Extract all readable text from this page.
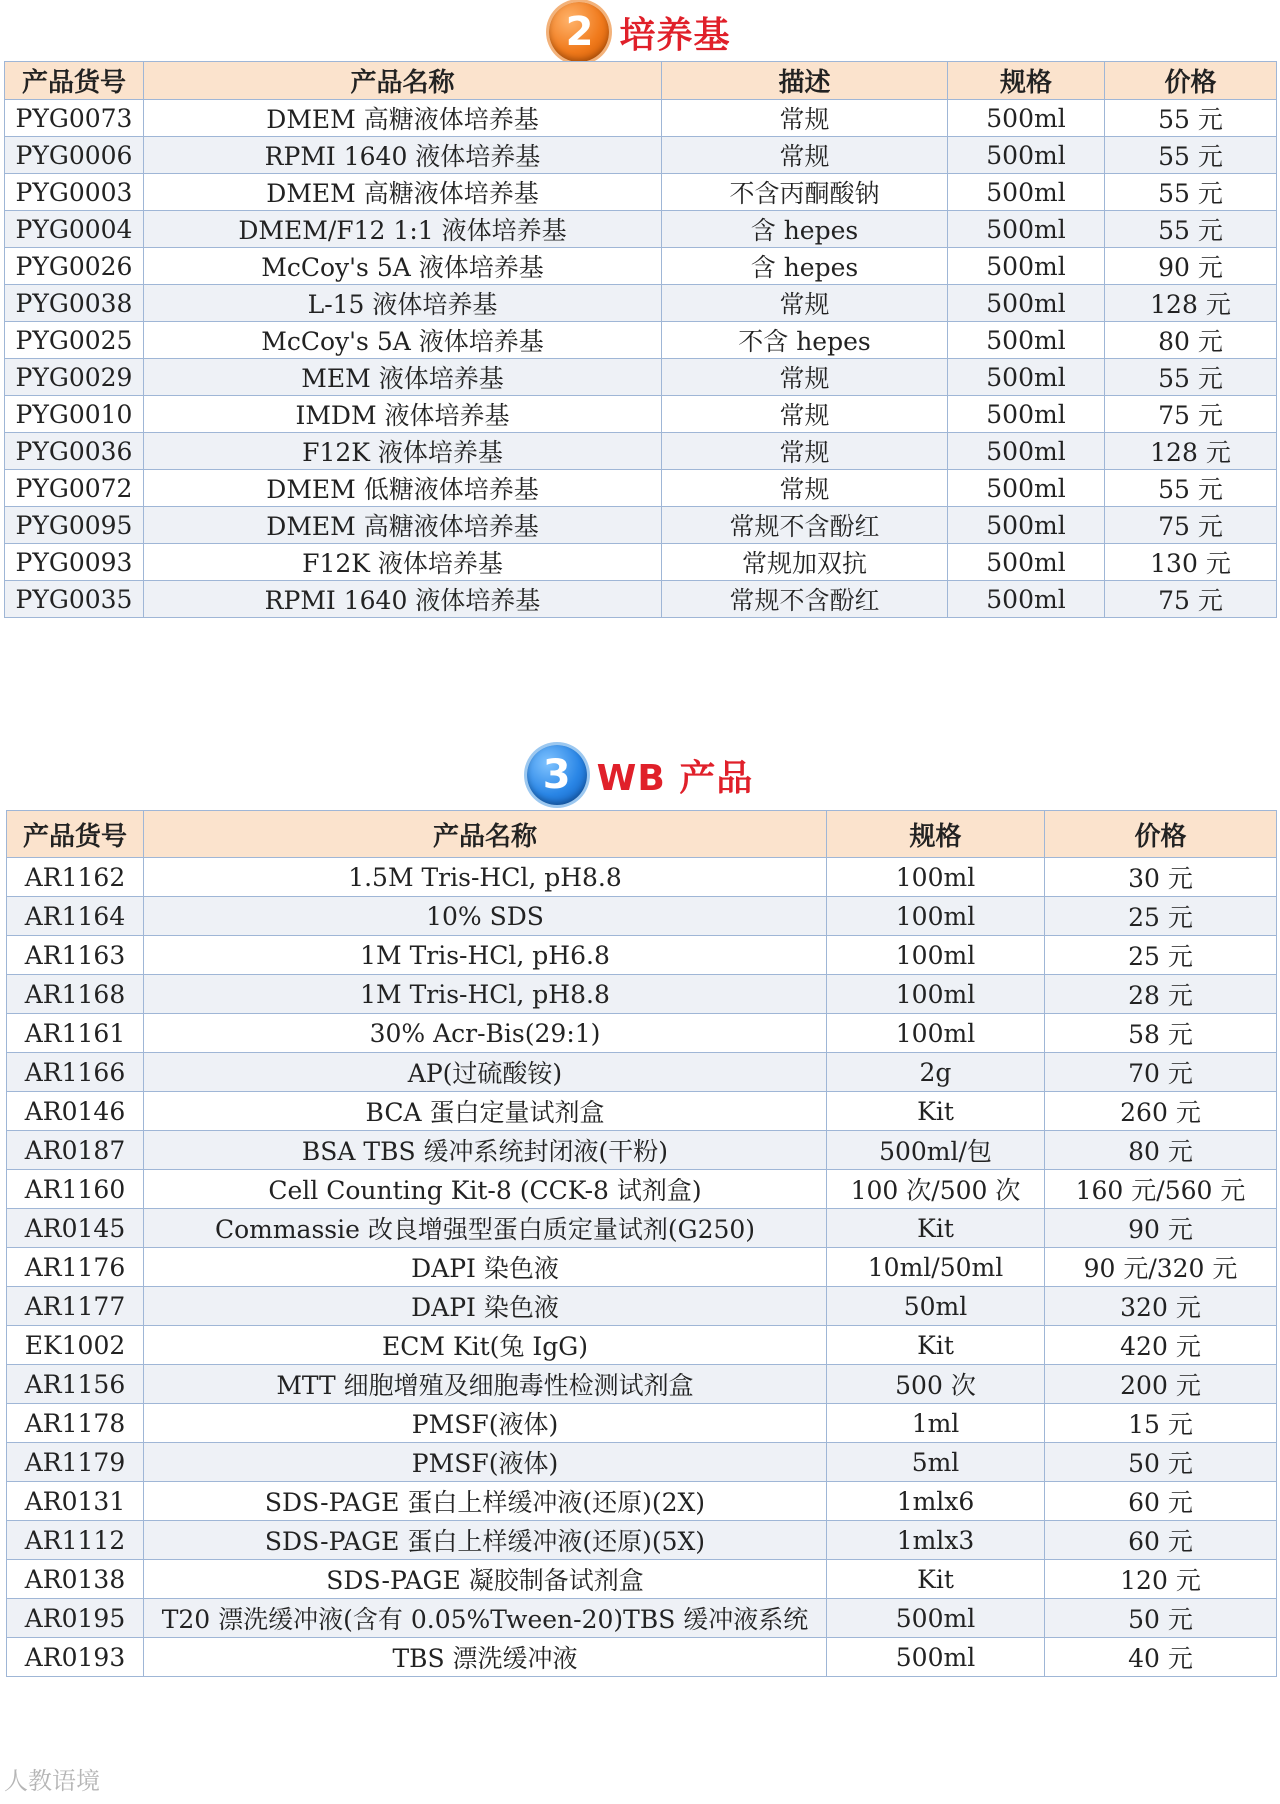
2 培养基
产品货号	产品名称	描述	规格	价格
PYG0073	DMEM 高糖液体培养基	常规	500ml	55 元
PYG0006	RPMI 1640 液体培养基	常规	500ml	55 元
PYG0003	DMEM 高糖液体培养基	不含丙酮酸钠	500ml	55 元
PYG0004	DMEM/F12 1:1 液体培养基	含 hepes	500ml	55 元
PYG0026	McCoy's 5A 液体培养基	含 hepes	500ml	90 元
PYG0038	L-15 液体培养基	常规	500ml	128 元
PYG0025	McCoy's 5A 液体培养基	不含 hepes	500ml	80 元
PYG0029	MEM 液体培养基	常规	500ml	55 元
PYG0010	IMDM 液体培养基	常规	500ml	75 元
PYG0036	F12K 液体培养基	常规	500ml	128 元
PYG0072	DMEM 低糖液体培养基	常规	500ml	55 元
PYG0095	DMEM 高糖液体培养基	常规不含酚红	500ml	75 元
PYG0093	F12K 液体培养基	常规加双抗	500ml	130 元
PYG0035	RPMI 1640 液体培养基	常规不含酚红	500ml	75 元
3 WB 产品
产品货号	产品名称	规格	价格
AR1162	1.5M Tris-HCl, pH8.8	100ml	30 元
AR1164	10% SDS	100ml	25 元
AR1163	1M Tris-HCl, pH6.8	100ml	25 元
AR1168	1M Tris-HCl, pH8.8	100ml	28 元
AR1161	30% Acr-Bis(29:1)	100ml	58 元
AR1166	AP(过硫酸铵)	2g	70 元
AR0146	BCA 蛋白定量试剂盒	Kit	260 元
AR0187	BSA TBS 缓冲系统封闭液(干粉)	500ml/包	80 元
AR1160	Cell Counting Kit-8 (CCK-8 试剂盒)	100 次/500 次	160 元/560 元
AR0145	Commassie 改良增强型蛋白质定量试剂(G250)	Kit	90 元
AR1176	DAPI 染色液	10ml/50ml	90 元/320 元
AR1177	DAPI 染色液	50ml	320 元
EK1002	ECM Kit(兔 IgG)	Kit	420 元
AR1156	MTT 细胞增殖及细胞毒性检测试剂盒	500 次	200 元
AR1178	PMSF(液体)	1ml	15 元
AR1179	PMSF(液体)	5ml	50 元
AR0131	SDS-PAGE 蛋白上样缓冲液(还原)(2X)	1mlx6	60 元
AR1112	SDS-PAGE 蛋白上样缓冲液(还原)(5X)	1mlx3	60 元
AR0138	SDS-PAGE 凝胶制备试剂盒	Kit	120 元
AR0195	T20 漂洗缓冲液(含有 0.05%Tween-20)TBS 缓冲液系统	500ml	50 元
AR0193	TBS 漂洗缓冲液	500ml	40 元
人教语境
